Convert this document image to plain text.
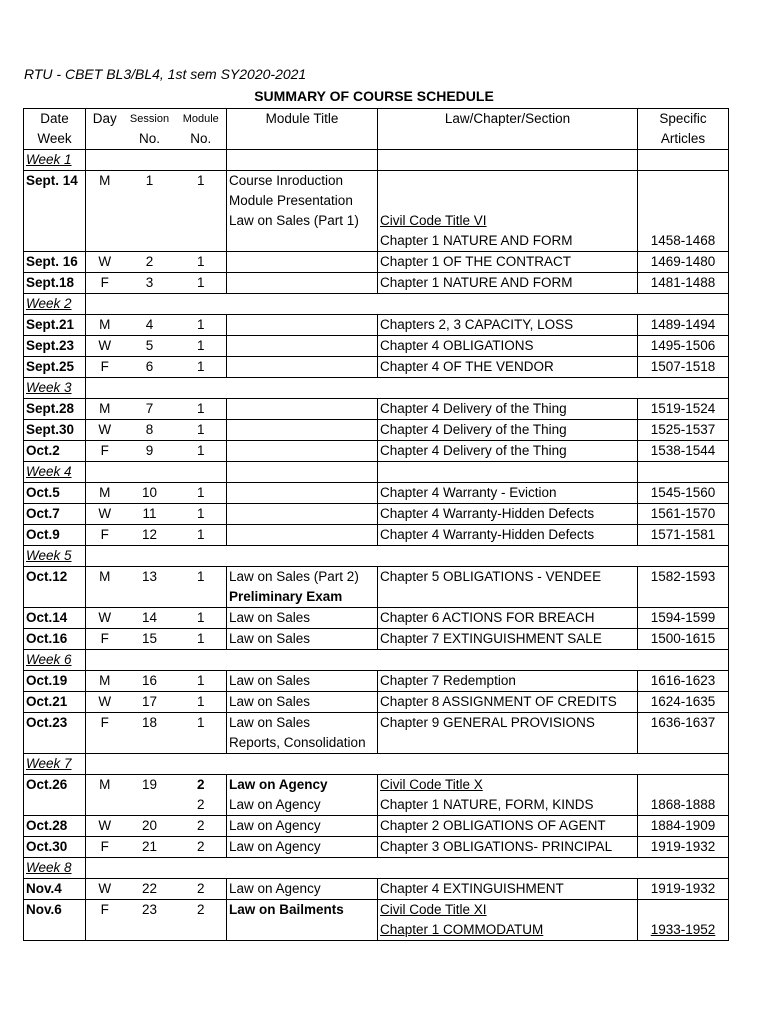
RTU - CBET BL3/BL4, 1st sem SY2020-2021
SUMMARY OF COURSE SCHEDULE
Date	Day	Session	Module	Module Title	Law/Chapter/Section	Specific
Week		No.	No.			Articles
Week 1						
Sept. 14	M	1	1	Course Inroduction		
				Module Presentation		
				Law on Sales (Part 1)	Civil Code Title VI	
					Chapter 1 NATURE AND FORM	1458-1468
Sept. 16	W	2	1		Chapter 1 OF THE CONTRACT	1469-1480
Sept.18	F	3	1		Chapter 1 NATURE AND FORM	1481-1488
Week 2						
Sept.21	M	4	1		Chapters 2, 3 CAPACITY, LOSS	1489-1494
Sept.23	W	5	1		Chapter 4 OBLIGATIONS	1495-1506
Sept.25	F	6	1		Chapter 4 OF THE VENDOR	1507-1518
Week 3						
Sept.28	M	7	1		Chapter 4 Delivery of the Thing	1519-1524
Sept.30	W	8	1		Chapter 4 Delivery of the Thing	1525-1537
Oct.2	F	9	1		Chapter 4 Delivery of the Thing	1538-1544
Week 4						
Oct.5	M	10	1		Chapter 4 Warranty - Eviction	1545-1560
Oct.7	W	11	1		Chapter 4 Warranty-Hidden Defects	1561-1570
Oct.9	F	12	1		Chapter 4 Warranty-Hidden Defects	1571-1581
Week 5						
Oct.12	M	13	1	Law on Sales (Part 2)	Chapter 5 OBLIGATIONS - VENDEE	1582-1593
				Preliminary Exam		
Oct.14	W	14	1	Law on Sales	Chapter 6 ACTIONS FOR BREACH	1594-1599
Oct.16	F	15	1	Law on Sales	Chapter 7 EXTINGUISHMENT SALE	1500-1615
Week 6						
Oct.19	M	16	1	Law on Sales	Chapter 7 Redemption	1616-1623
Oct.21	W	17	1	Law on Sales	Chapter 8 ASSIGNMENT OF CREDITS	1624-1635
Oct.23	F	18	1	Law on Sales	Chapter 9 GENERAL PROVISIONS	1636-1637
				Reports, Consolidation		
Week 7						
Oct.26	M	19	2	Law on Agency	Civil Code Title X	
			2	Law on Agency	Chapter 1 NATURE, FORM, KINDS	1868-1888
Oct.28	W	20	2	Law on Agency	Chapter 2 OBLIGATIONS OF AGENT	1884-1909
Oct.30	F	21	2	Law on Agency	Chapter 3 OBLIGATIONS- PRINCIPAL	1919-1932
Week 8						
Nov.4	W	22	2	Law on Agency	Chapter 4 EXTINGUISHMENT	1919-1932
Nov.6	F	23	2	Law on Bailments	Civil Code Title XI	
					Chapter 1 COMMODATUM	1933-1952
